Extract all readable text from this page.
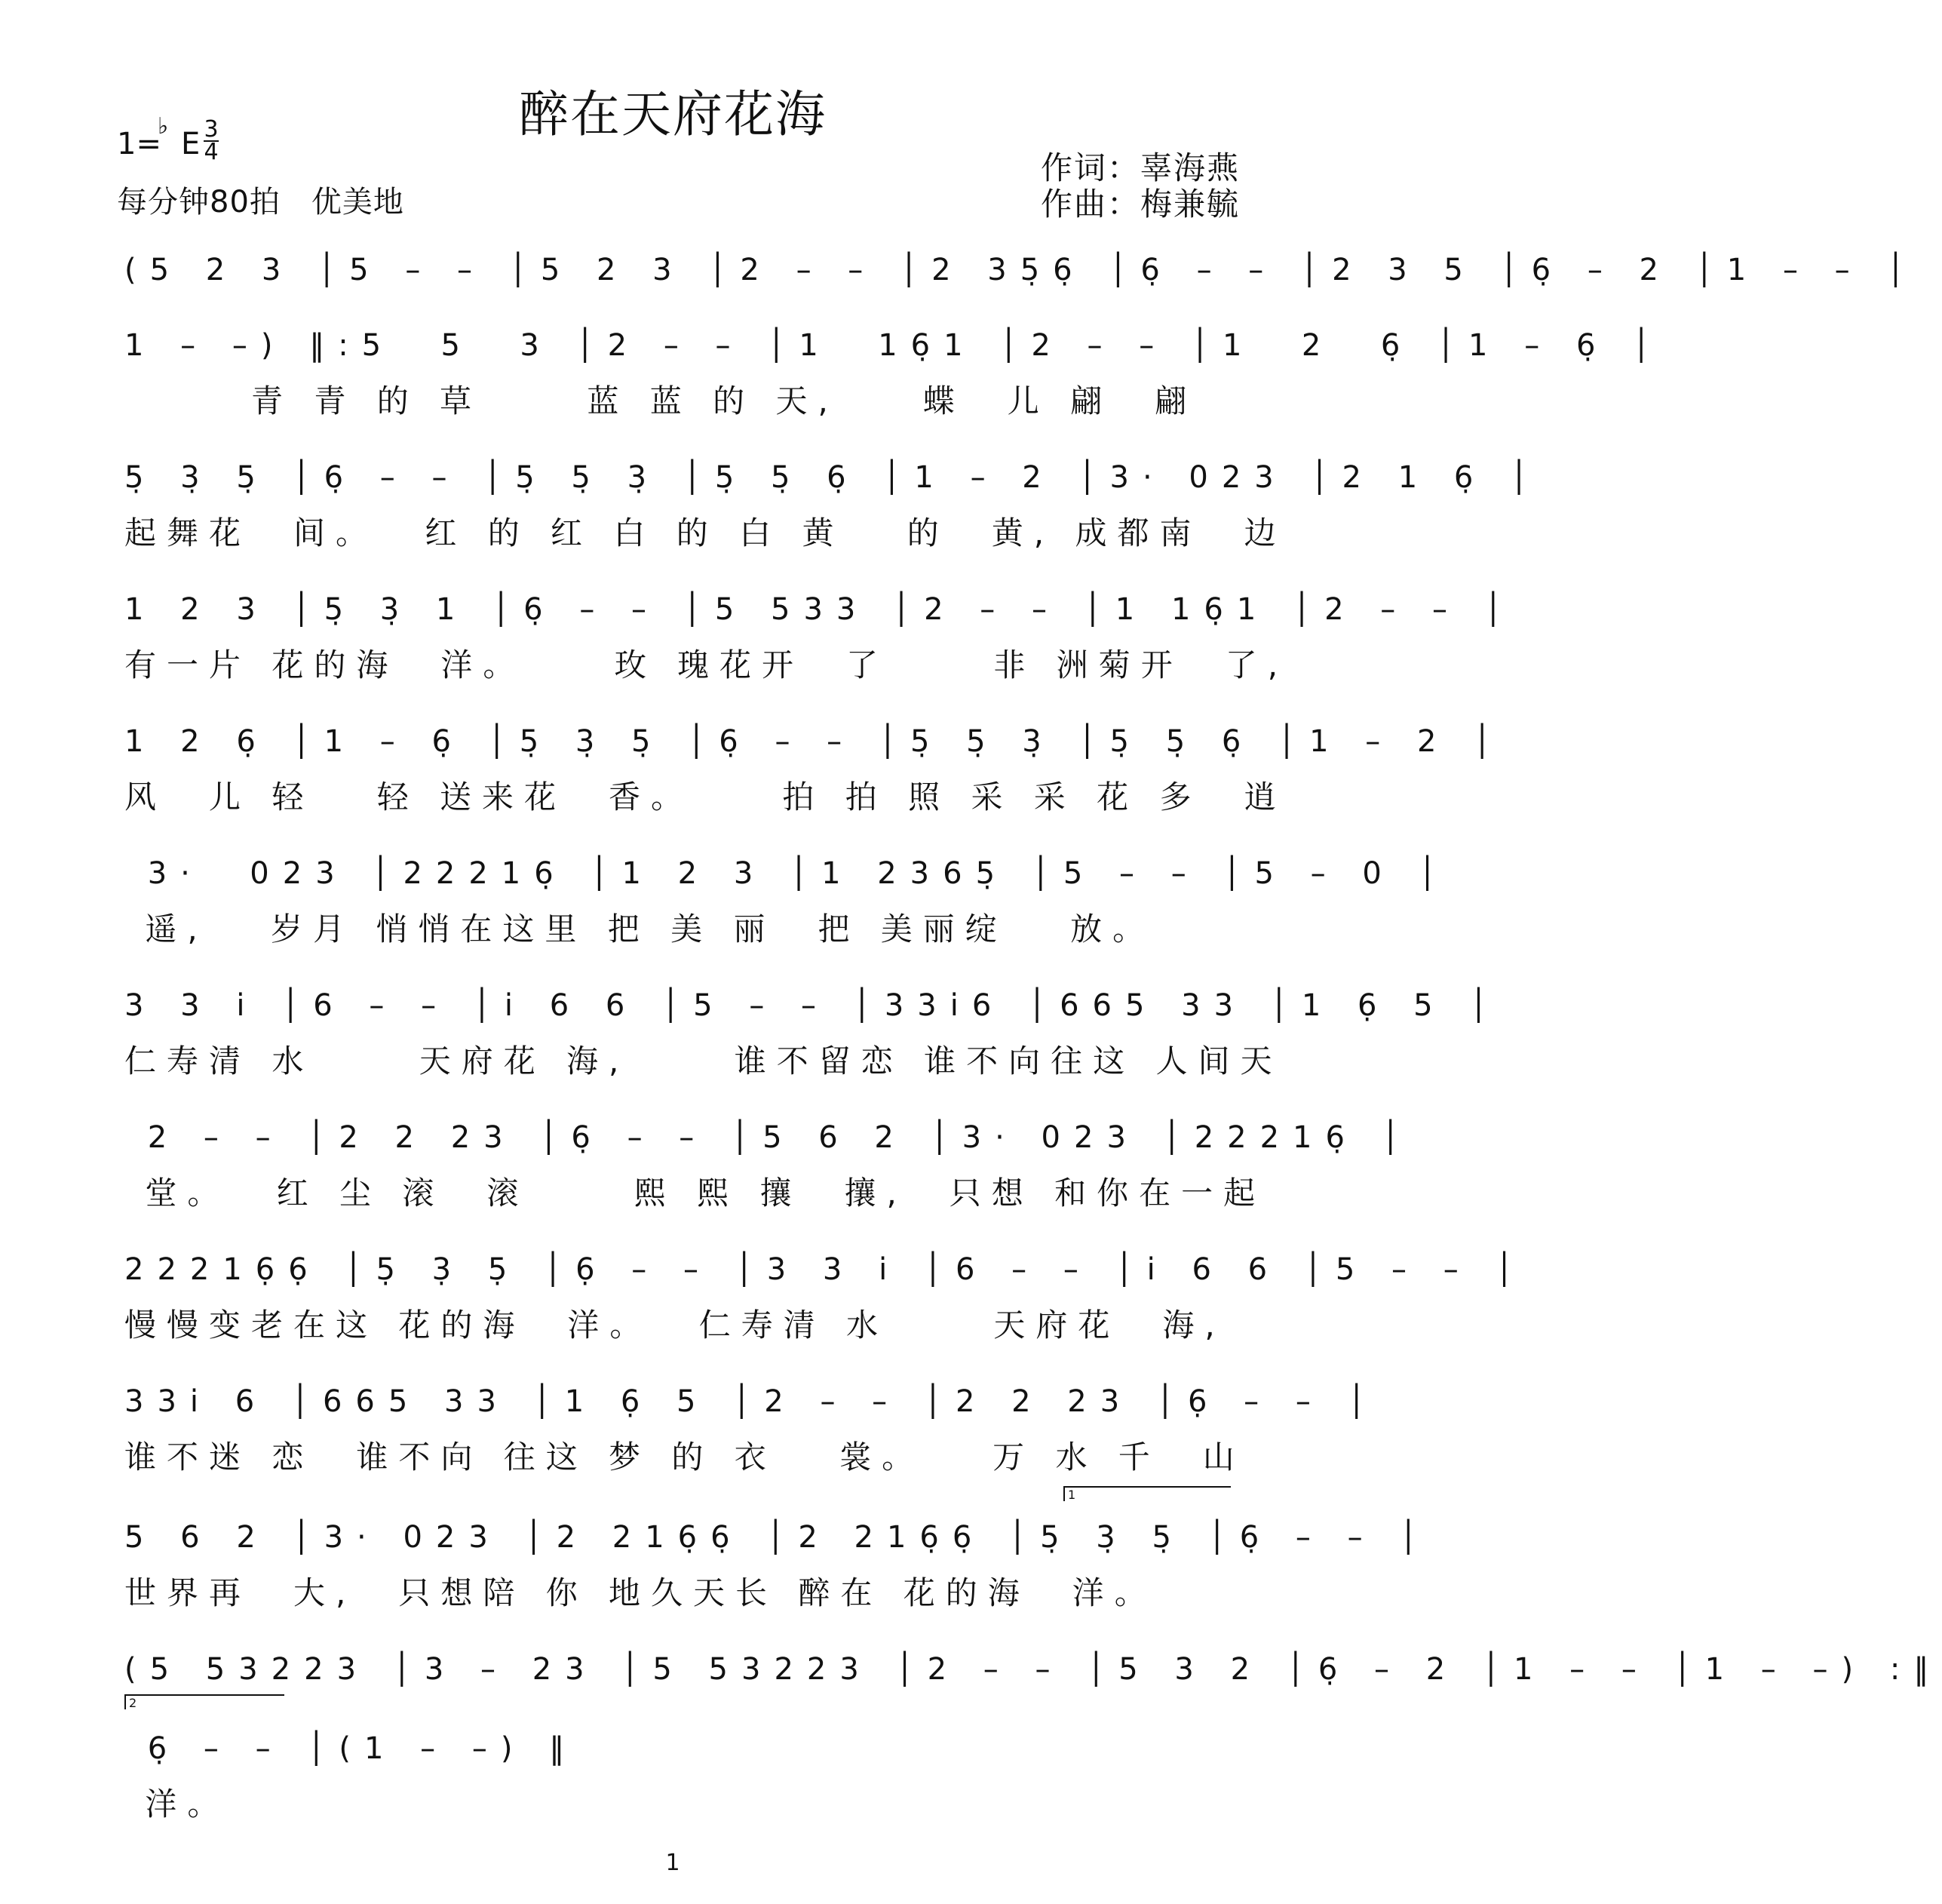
醉在天府花海
1=
♭
E 3
4
每分钟80拍　优美地
作词：辜海燕
作曲：梅兼毓
(5 2 3 │5 – – │5 2 3 │2 – – │2 35̣6̣ │6̣ – – │2 3 5 │6̣ – 2 │1 – – │
1 – –) ‖:5  5  3 │2 – – │1  16̣1 │2 – – │1  2  6̣ │1 – 6̣ │
　　　青 青 的 草　　 蓝 蓝 的 天,　　蝶　儿 翩　翩
5̣ 3̣ 5̣ │6̣ – – │5̣ 5̣ 3̣ │5̣ 5̣ 6̣ │1 – 2 │3· 023 │2 1 6̣ │
起舞花　间。　 红 的 红 白 的 白 黄　 的　黄, 成都南　边
1 2 3 │5̣ 3̣ 1 │6̣ – – │5 533 │2 – – │1 16̣1 │2 – – │
有一片 花的海　洋。　　 玫 瑰花开　了　　 非 洲菊开　了,
1 2 6̣ │1 – 6̣ │5̣ 3̣ 5̣ │6̣ – – │5̣ 5̣ 3̣ │5̣ 5̣ 6̣ │1 – 2 │
风　儿 轻　 轻 送来花　香。　　 拍 拍 照 采 采 花 多　逍
3·  023 │22216̣ │1 2 3 │1 2365̣ │5 – – │5 – 0 │
遥,　 岁月 悄悄在这里 把 美 丽　把 美丽绽　 放。
3 3 i̇ │6 – – │i̇ 6 6 │5 – – │33i̇6 │665 33 │1 6̣ 5 │
仁寿清 水　　 天府花 海,　　 谁不留恋 谁不向往这 人间天
2 – – │2 2 23 │6̣ – – │5 6 2 │3· 023 │22216̣ │
堂。　 红 尘 滚　滚　　 熙 熙 攘　攘,　只想 和你在一起
22216̣6̣ │5̣ 3̣ 5̣ │6̣ – – │3 3 i̇ │6 – – │i̇ 6 6 │5 – – │
慢慢变老在这 花的海　洋。　 仁寿清 水　　 天府花　海,
33i̇ 6 │665 33 │1 6̣ 5 │2 – – │2 2 23 │6̣ – – │
谁不迷 恋　谁不向 往这 梦 的 衣　 裳。　　万 水 千　山
5 6 2 │3· 023 │2 216̣6̣ │2 216̣6̣ │5̣ 3̣ 5̣ │6̣ – – │
世界再　大,　只想陪 你 地久天长 醉在 花的海　洋。
(5 53223 │3 – 23 │5 53223 │2 – – │5 3 2 │6̣ – 2 │1 – – │1 – –) :‖
6̣ – – │(1 – –) ‖
洋。
1
2
1
